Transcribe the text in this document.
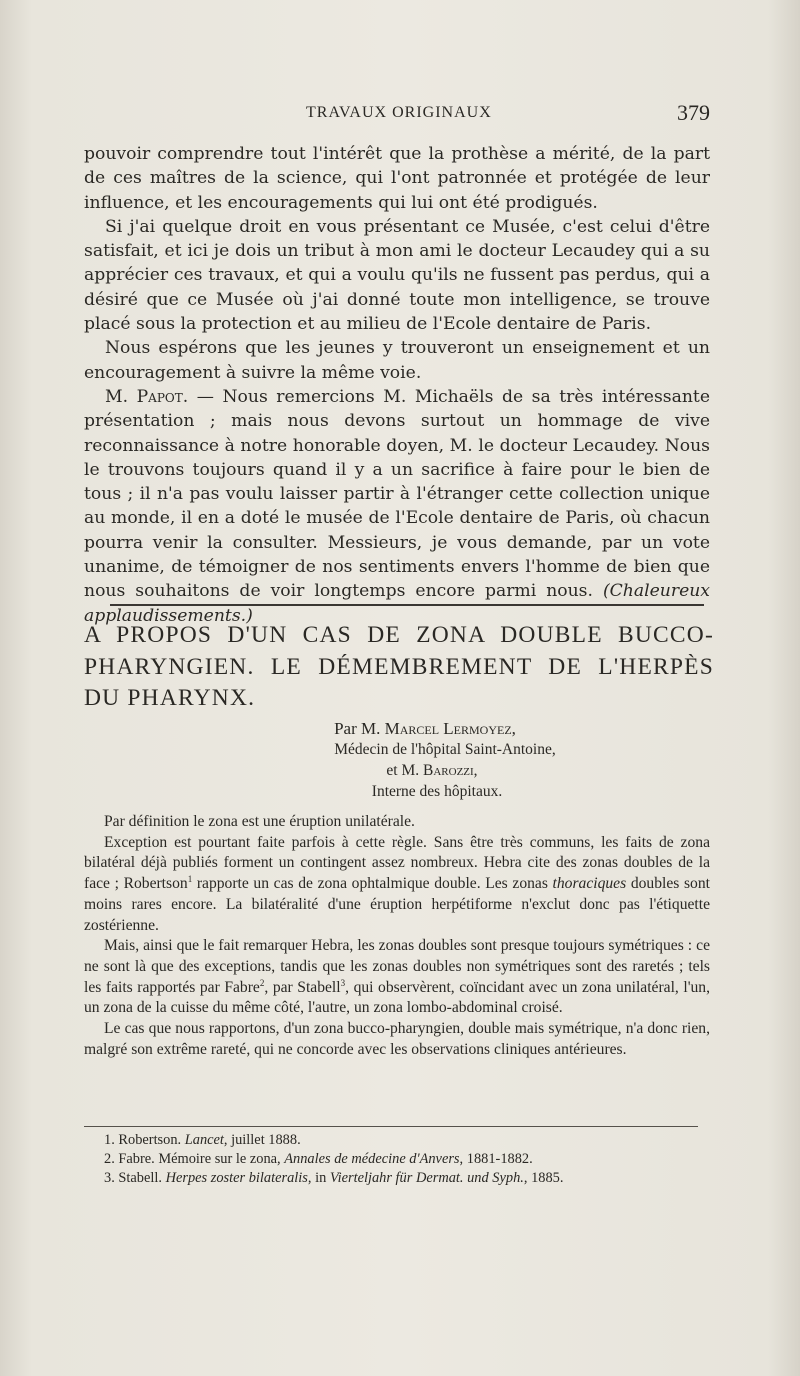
TRAVAUX ORIGINAUX	379

pouvoir comprendre tout l'intérêt que la prothèse a mérité, de la part de ces maîtres de la science, qui l'ont patronnée et protégée de leur influence, et les encouragements qui lui ont été prodigués.

Si j'ai quelque droit en vous présentant ce Musée, c'est celui d'être satisfait, et ici je dois un tribut à mon ami le docteur Lecaudey qui a su apprécier ces travaux, et qui a voulu qu'ils ne fussent pas perdus, qui a désiré que ce Musée où j'ai donné toute mon intelligence, se trouve placé sous la protection et au milieu de l'Ecole dentaire de Paris.

Nous espérons que les jeunes y trouveront un enseignement et un encouragement à suivre la même voie.

M. Papot. — Nous remercions M. Michaëls de sa très intéressante présentation ; mais nous devons surtout un hommage de vive reconnaissance à notre honorable doyen, M. le docteur Lecaudey. Nous le trouvons toujours quand il y a un sacrifice à faire pour le bien de tous ; il n'a pas voulu laisser partir à l'étranger cette collection unique au monde, il en a doté le musée de l'Ecole dentaire de Paris, où chacun pourra venir la consulter. Messieurs, je vous demande, par un vote unanime, de témoigner de nos sentiments envers l'homme de bien que nous souhaitons de voir longtemps encore parmi nous. (Chaleureux applaudissements.)

A PROPOS D'UN CAS DE ZONA DOUBLE BUCCO-PHARYNGIEN. LE DÉMEMBREMENT DE L'HERPÈS DU PHARYNX.
Par M. Marcel Lermoyez,
Médecin de l'hôpital Saint-Antoine,
et M. Barozzi,
Interne des hôpitaux.

Par définition le zona est une éruption unilatérale.

Exception est pourtant faite parfois à cette règle. Sans être très communs, les faits de zona bilatéral déjà publiés forment un contingent assez nombreux. Hebra cite des zonas doubles de la face ; Robertson$^1$ rapporte un cas de zona ophtalmique double. Les zonas thoraciques doubles sont moins rares encore. La bilatéralité d'une éruption herpétiforme n'exclut donc pas l'étiquette zostérienne.

Mais, ainsi que le fait remarquer Hebra, les zonas doubles sont presque toujours symétriques : ce ne sont là que des exceptions, tandis que les zonas doubles non symétriques sont des raretés ; tels les faits rapportés par Fabre$^2$, par Stabell$^3$, qui observèrent, coïncidant avec un zona unilatéral, l'un, un zona de la cuisse du même côté, l'autre, un zona lombo-abdominal croisé.

Le cas que nous rapportons, d'un zona bucco-pharyngien, double mais symétrique, n'a donc rien, malgré son extrême rareté, qui ne concorde avec les observations cliniques antérieures.

1. Robertson. Lancet, juillet 1888.

2. Fabre. Mémoire sur le zona, Annales de médecine d'Anvers, 1881-1882.

3. Stabell. Herpes zoster bilateralis, in Vierteljahr für Dermat. und Syph., 1885.
